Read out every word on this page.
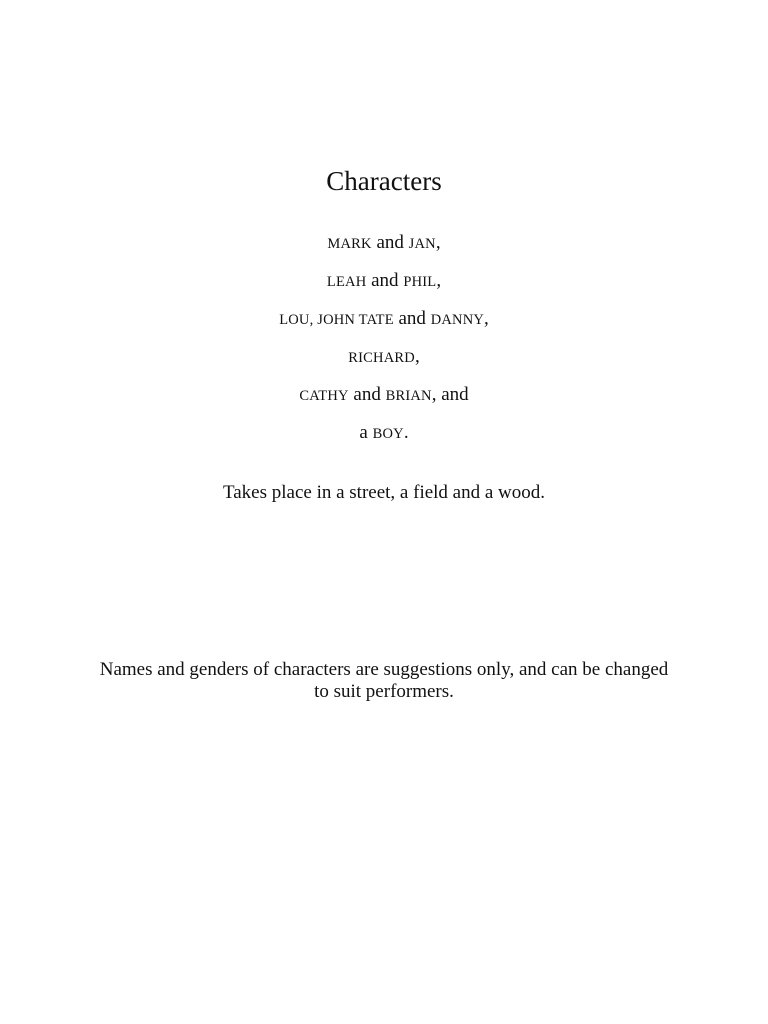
Characters
MARK and JAN,
LEAH and PHIL,
LOU, JOHN TATE and DANNY,
RICHARD,
CATHY and BRIAN, and
a BOY.
Takes place in a street, a field and a wood.
Names and genders of characters are suggestions only, and can be changed to suit performers.
